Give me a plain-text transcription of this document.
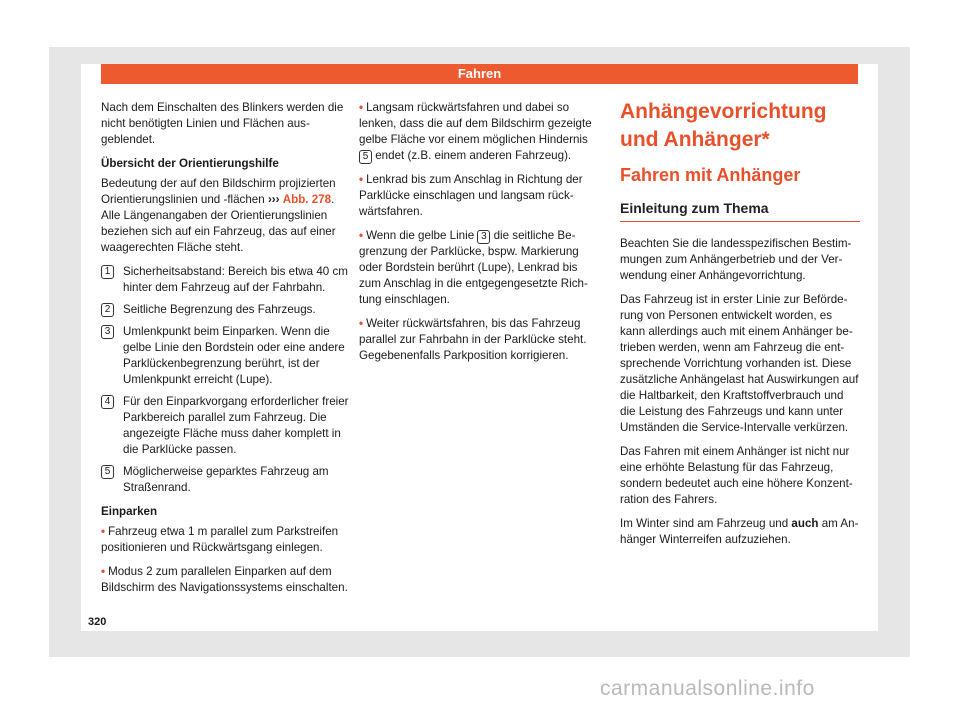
Fahren

Nach dem Einschalten des Blinkers werden die nicht benötigten Linien und Flächen ausgeblendet.

Übersicht der Orientierungshilfe

Bedeutung der auf den Bildschirm projizierten Orientierungslinien und -flächen ››› Abb. 278. Alle Längenangaben der Orientierungslinien beziehen sich auf ein Fahrzeug, das auf einer waagerechten Fläche steht.

1	Sicherheitsabstand: Bereich bis etwa 40 cm hinter dem Fahrzeug auf der Fahrbahn.
2	Seitliche Begrenzung des Fahrzeugs.
3	Umlenkpunkt beim Einparken. Wenn die gelbe Linie den Bordstein oder eine andere Parklückenbegrenzung berührt, ist der Umlenkpunkt erreicht (Lupe).
4	Für den Einparkvorgang erforderlicher freier Parkbereich parallel zum Fahrzeug. Die angezeigte Fläche muss daher komplett in die Parklücke passen.
5	Möglicherweise geparktes Fahrzeug am Straßenrand.

Einparken

• Fahrzeug etwa 1 m parallel zum Parkstreifen positionieren und Rückwärtsgang einlegen.

• Modus 2 zum parallelen Einparken auf dem Bildschirm des Navigationssystems einschalten.

• Langsam rückwärtsfahren und dabei so lenken, dass die auf dem Bildschirm gezeigte gelbe Fläche vor einem möglichen Hindernis 5 endet (z.B. einem anderen Fahrzeug).

• Lenkrad bis zum Anschlag in Richtung der Parklücke einschlagen und langsam rückwärtsfahren.

• Wenn die gelbe Linie 3 die seitliche Begrenzung der Parklücke, bspw. Markierung oder Bordstein berührt (Lupe), Lenkrad bis zum Anschlag in die entgegengesetzte Richtung einschlagen.

• Weiter rückwärtsfahren, bis das Fahrzeug parallel zur Fahrbahn in der Parklücke steht. Gegebenenfalls Parkposition korrigieren.

Anhängevorrichtung und Anhänger*
Fahren mit Anhänger
Einleitung zum Thema

Beachten Sie die landesspezifischen Bestimmungen zum Anhängerbetrieb und der Verwendung einer Anhängevorrichtung.

Das Fahrzeug ist in erster Linie zur Beförderung von Personen entwickelt worden, es kann allerdings auch mit einem Anhänger betrieben werden, wenn am Fahrzeug die entsprechende Vorrichtung vorhanden ist. Diese zusätzliche Anhängelast hat Auswirkungen auf die Haltbarkeit, den Kraftstoffverbrauch und die Leistung des Fahrzeugs und kann unter Umständen die Service-Intervalle verkürzen.

Das Fahren mit einem Anhänger ist nicht nur eine erhöhte Belastung für das Fahrzeug, sondern bedeutet auch eine höhere Konzentration des Fahrers.

Im Winter sind am Fahrzeug und auch am Anhänger Winterreifen aufzuziehen.

320
carmanualsonline.info
